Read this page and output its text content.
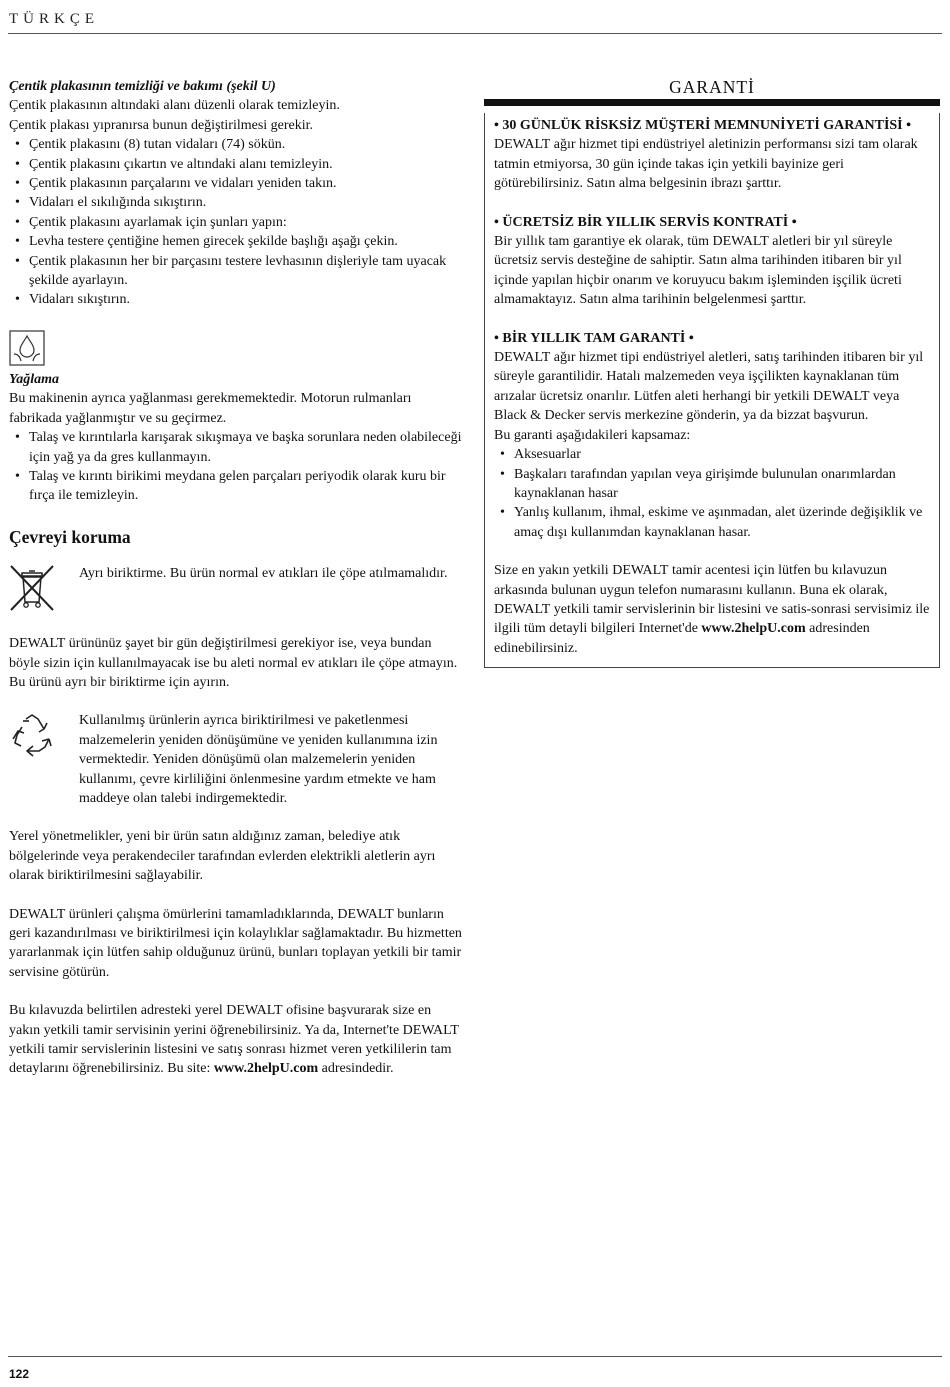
TÜRKÇE

Çentik plakasının temizliği ve bakımı (şekil U)

Çentik plakasının altındaki alanı düzenli olarak temizleyin.

Çentik plakası yıpranırsa bunun değiştirilmesi gerekir.

• Çentik plakasını (8) tutan vidaları (74) sökün.
• Çentik plakasını çıkartın ve altındaki alanı temizleyin.
• Çentik plakasının parçalarını ve vidaları yeniden takın.
• Vidaları el sıkılığında sıkıştırın.
• Çentik plakasını ayarlamak için şunları yapın:
• Levha testere çentiğine hemen girecek şekilde başlığı aşağı çekin.
• Çentik plakasının her bir parçasını testere levhasının dişleriyle tam uyacak şekilde ayarlayın.
• Vidaları sıkıştırın.

Yağlama

Bu makinenin ayrıca yağlanması gerekmemektedir. Motorun rulmanları fabrikada yağlanmıştır ve su geçirmez.

• Talaş ve kırıntılarla karışarak sıkışmaya ve başka sorunlara neden olabileceği için yağ ya da gres kullanmayın.
• Talaş ve kırıntı birikimi meydana gelen parçaları periyodik olarak kuru bir fırça ile temizleyin.

Çevreyi koruma

Ayrı biriktirme. Bu ürün normal ev atıkları ile çöpe atılmamalıdır.

DEWALT ürününüz şayet bir gün değiştirilmesi gerekiyor ise, veya bundan böyle sizin için kullanılmayacak ise bu aleti normal ev atıkları ile çöpe atmayın. Bu ürünü ayrı bir biriktirme için ayırın.

Kullanılmış ürünlerin ayrıca biriktirilmesi ve paketlenmesi malzemelerin yeniden dönüşümüne ve yeniden kullanımına izin vermektedir. Yeniden dönüşümü olan malzemelerin yeniden kullanımı, çevre kirliliğini önlenmesine yardım etmekte ve ham maddeye olan talebi indirgemektedir.

Yerel yönetmelikler, yeni bir ürün satın aldığınız zaman, belediye atık bölgelerinde veya perakendeciler tarafından evlerden elektrikli aletlerin ayrı olarak biriktirilmesini sağlayabilir.

DEWALT ürünleri çalışma ömürlerini tamamladıklarında, DEWALT bunların geri kazandırılması ve biriktirilmesi için kolaylıklar sağlamaktadır. Bu hizmetten yararlanmak için lütfen sahip olduğunuz ürünü, bunları toplayan yetkili bir tamir servisine götürün.

Bu kılavuzda belirtilen adresteki yerel DEWALT ofisine başvurarak size en yakın yetkili tamir servisinin yerini öğrenebilirsiniz. Ya da, Internet'te DEWALT yetkili tamir servislerinin listesini ve satış sonrası hizmet veren yetkililerin tam detaylarını öğrenebilirsiniz. Bu site: www.2helpU.com adresindedir.

GARANTİ

• 30 GÜNLÜK RİSKSİZ MÜŞTERİ MEMNUNİYETİ GARANTİSİ •

DEWALT ağır hizmet tipi endüstriyel aletinizin performansı sizi tam olarak tatmin etmiyorsa, 30 gün içinde takas için yetkili bayinize geri götürebilirsiniz. Satın alma belgesinin ibrazı şarttır.

• ÜCRETSİZ BİR YILLIK SERVİS KONTRATİ •

Bir yıllık tam garantiye ek olarak, tüm DEWALT aletleri bir yıl süreyle ücretsiz servis desteğine de sahiptir. Satın alma tarihinden itibaren bir yıl içinde yapılan hiçbir onarım ve koruyucu bakım işleminden işçilik ücreti almamaktayız. Satın alma tarihinin belgelenmesi şarttır.

• BİR YILLIK TAM GARANTİ •

DEWALT ağır hizmet tipi endüstriyel aletleri, satış tarihinden itibaren bir yıl süreyle garantilidir. Hatalı malzemeden veya işçilikten kaynaklanan tüm arızalar ücretsiz onarılır. Lütfen aleti herhangi bir yetkili DEWALT veya Black & Decker servis merkezine gönderin, ya da bizzat başvurun.

Bu garanti aşağıdakileri kapsamaz:

• Aksesuarlar
• Başkaları tarafından yapılan veya girişimde bulunulan onarımlardan kaynaklanan hasar
• Yanlış kullanım, ihmal, eskime ve aşınmadan, alet üzerinde değişiklik ve amaç dışı kullanımdan kaynaklanan hasar.

Size en yakın yetkili DEWALT tamir acentesi için lütfen bu kılavuzun arkasında bulunan uygun telefon numarasını kullanın. Buna ek olarak, DEWALT yetkili tamir servislerinin bir listesini ve satis-sonrasi servisimiz ile ilgili tüm detayli bilgileri Internet'de www.2helpU.com adresinden edinebilirsiniz.

122
